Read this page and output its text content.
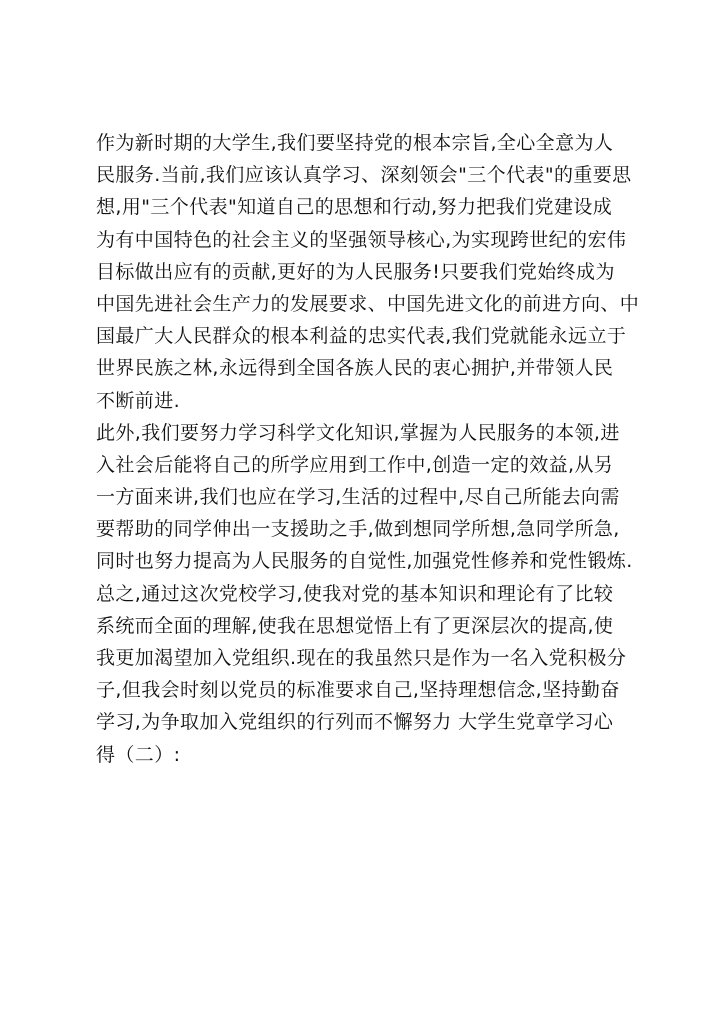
作为新时期的大学生,我们要坚持党的根本宗旨,全心全意为人
民服务.当前,我们应该认真学习、深刻领会"三个代表"的重要思
想,用"三个代表"知道自己的思想和行动,努力把我们党建设成
为有中国特色的社会主义的坚强领导核心,为实现跨世纪的宏伟
目标做出应有的贡献,更好的为人民服务!只要我们党始终成为
中国先进社会生产力的发展要求、中国先进文化的前进方向、中
国最广大人民群众的根本利益的忠实代表,我们党就能永远立于
世界民族之林,永远得到全国各族人民的衷心拥护,并带领人民
不断前进.
此外,我们要努力学习科学文化知识,掌握为人民服务的本领,进
入社会后能将自己的所学应用到工作中,创造一定的效益,从另
一方面来讲,我们也应在学习,生活的过程中,尽自己所能去向需
要帮助的同学伸出一支援助之手,做到想同学所想,急同学所急,
同时也努力提高为人民服务的自觉性,加强党性修养和党性锻炼.
总之,通过这次党校学习,使我对党的基本知识和理论有了比较
系统而全面的理解,使我在思想觉悟上有了更深层次的提高,使
我更加渴望加入党组织.现在的我虽然只是作为一名入党积极分
子,但我会时刻以党员的标准要求自己,坚持理想信念,坚持勤奋
学习,为争取加入党组织的行列而不懈努力 大学生党章学习心
得（二）:
